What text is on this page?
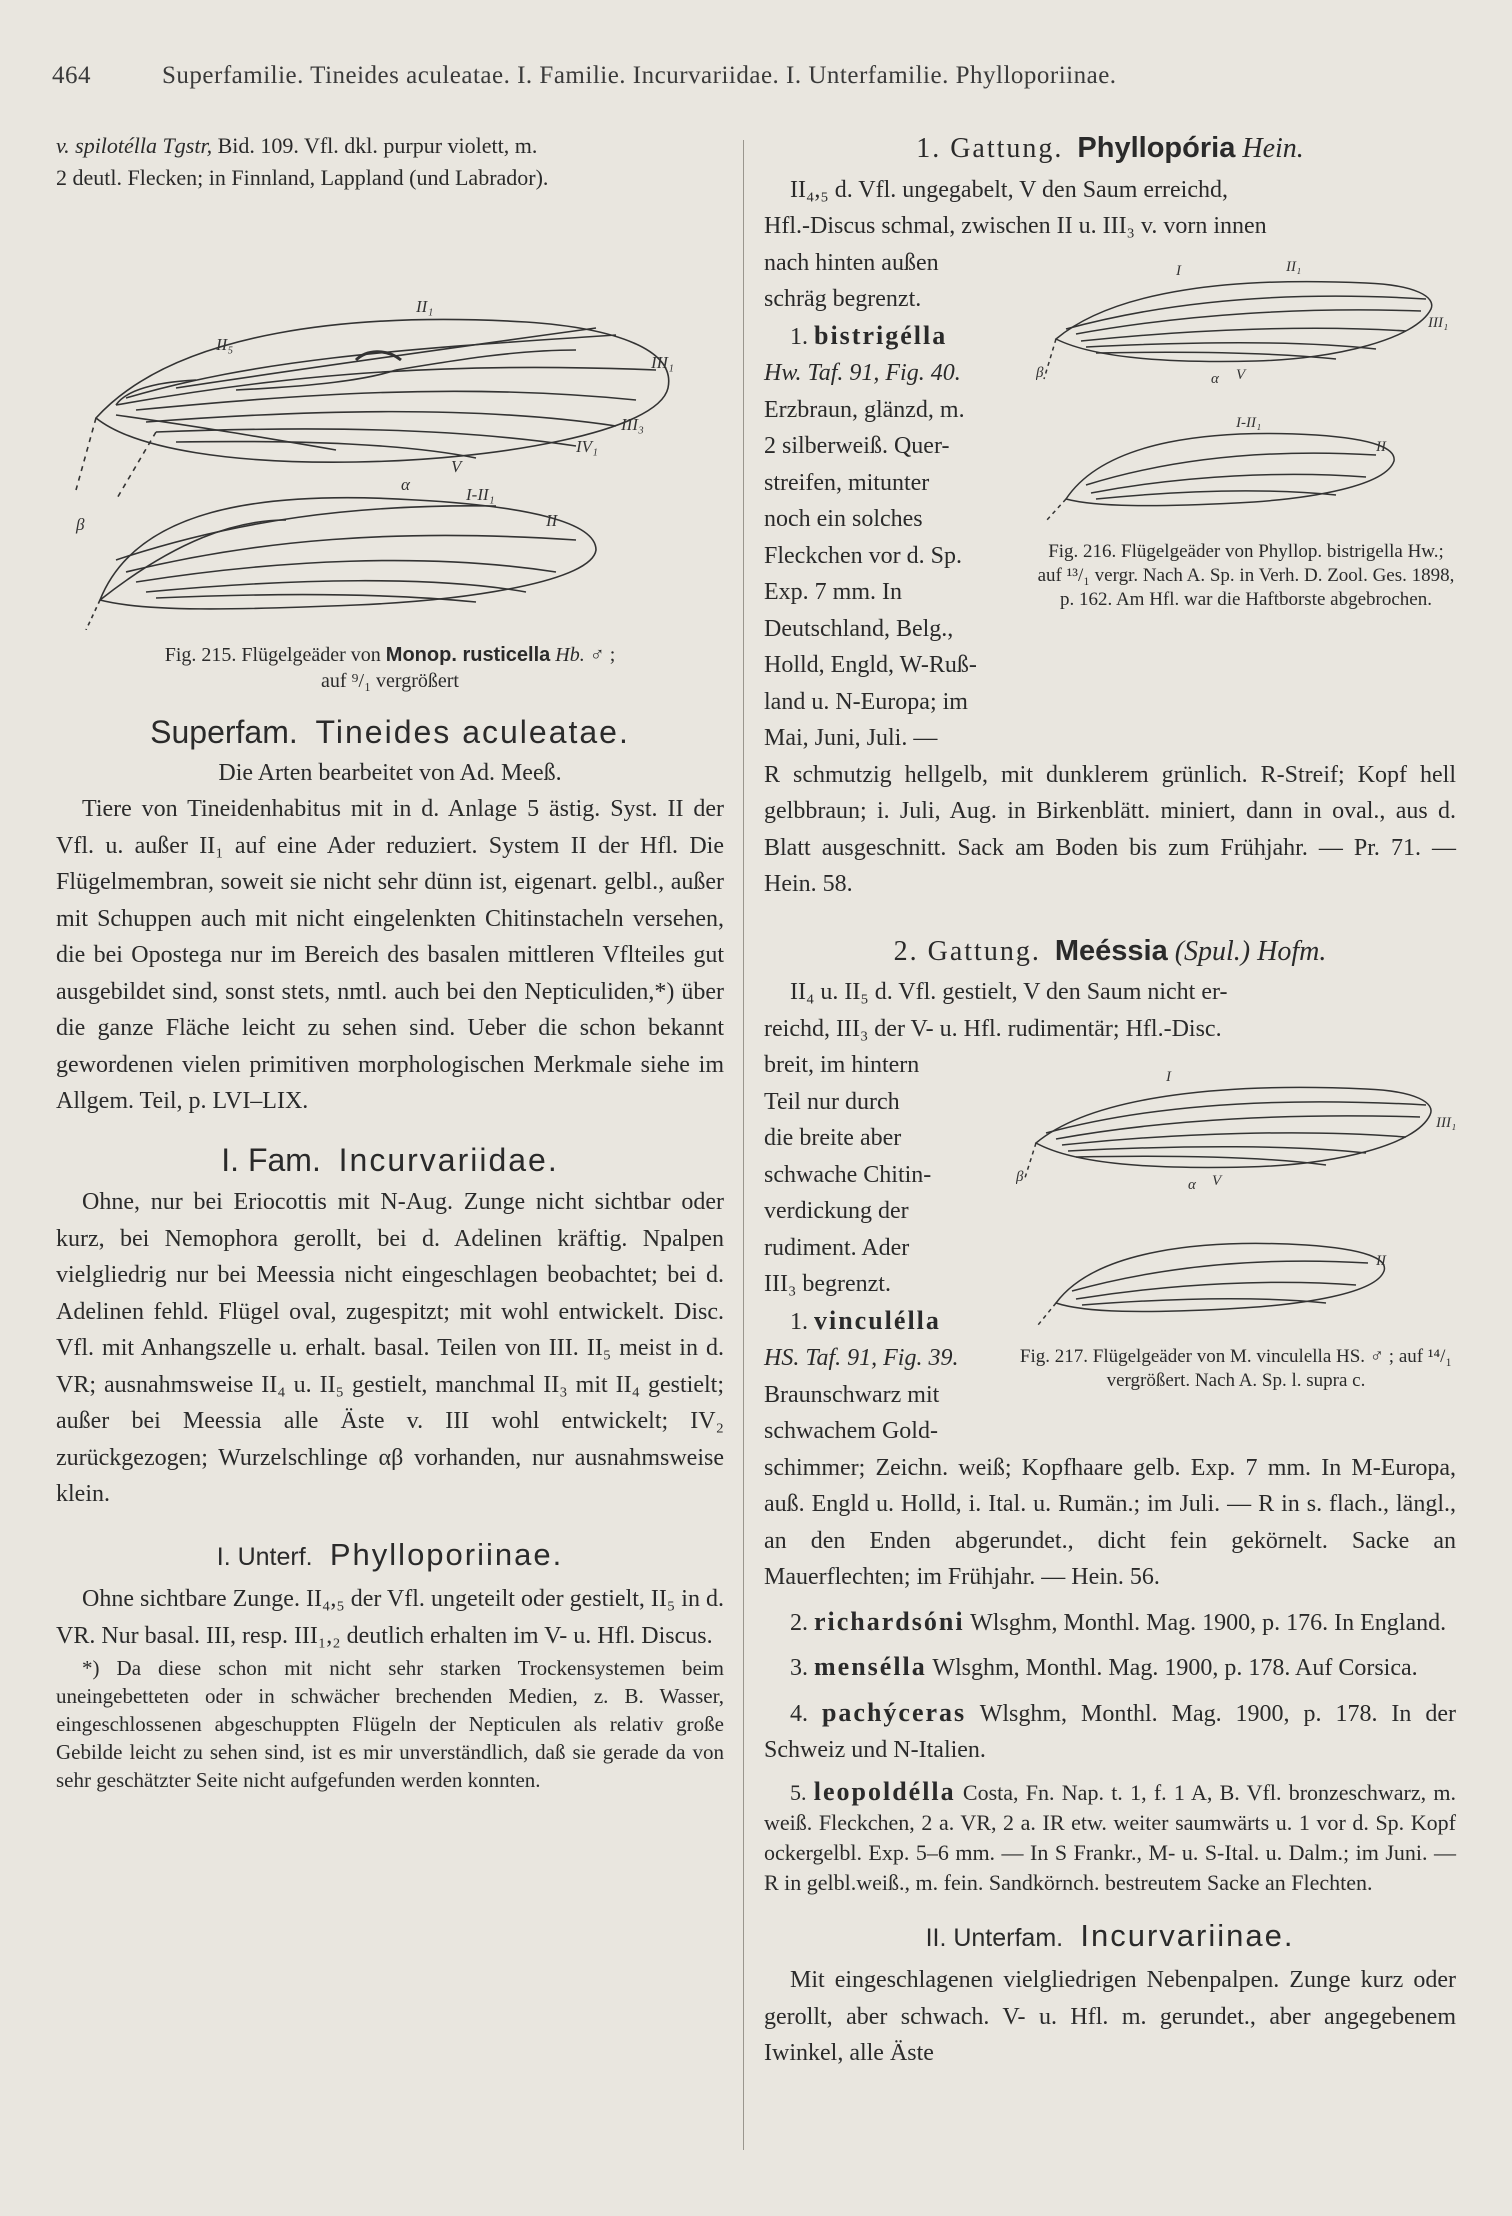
464	Superfamilie. Tineides aculeatae. I. Familie. Incurvariidae. I. Unterfamilie. Phylloporiinae.

v. spilotélla Tgstr, Bid. 109. Vfl. dkl. purpur violett, m.
2 deutl. Flecken; in Finnland, Lappland (und Labrador).

II₁
II₅
III₁
III₃
IV₁
V
α
β
I-II₁
II
Fig. 215. Flügelgeäder von Monop. rusticella Hb. ♂ ;
auf ⁹/₁ vergrößert
Superfam. Tineides aculeatae.

Die Arten bearbeitet von Ad. Meeß.

Tiere von Tineidenhabitus mit in d. Anlage 5 ästig. Syst. II der Vfl. u. außer II₁ auf eine Ader reduziert. System II der Hfl. Die Flügelmembran, soweit sie nicht sehr dünn ist, eigenart. gelbl., außer mit Schuppen auch mit nicht eingelenkten Chitinstacheln versehen, die bei Opostega nur im Bereich des basalen mittleren Vflteiles gut ausgebildet sind, sonst stets, nmtl. auch bei den Nepticuliden,*) über die ganze Fläche leicht zu sehen sind. Ueber die schon bekannt gewordenen vielen primitiven morphologischen Merkmale siehe im Allgem. Teil, p. LVI–LIX.

I. Fam. Incurvariidae.

Ohne, nur bei Eriocottis mit N-Aug. Zunge nicht sichtbar oder kurz, bei Nemophora gerollt, bei d. Adelinen kräftig. Npalpen vielgliedrig nur bei Meessia nicht eingeschlagen beobachtet; bei d. Adelinen fehld. Flügel oval, zugespitzt; mit wohl entwickelt. Disc. Vfl. mit Anhangszelle u. erhalt. basal. Teilen von III. II₅ meist in d. VR; ausnahmsweise II₄ u. II₅ gestielt, manchmal II₃ mit II₄ gestielt; außer bei Meessia alle Äste v. III wohl entwickelt; IV₂ zurückgezogen; Wurzelschlinge αβ vorhanden, nur ausnahmsweise klein.

I. Unterf. Phylloporiinae.

Ohne sichtbare Zunge. II₄,₅ der Vfl. ungeteilt oder gestielt, II₅ in d. VR. Nur basal. III, resp. III₁,₂ deutlich erhalten im V- u. Hfl. Discus.

*) Da diese schon mit nicht sehr starken Trockensystemen beim uneingebetteten oder in schwächer brechenden Medien, z. B. Wasser, eingeschlossenen abgeschuppten Flügeln der Nepticulen als relativ große Gebilde leicht zu sehen sind, ist es mir unverständlich, daß sie gerade da von sehr geschätzter Seite nicht aufgefunden werden konnten.

1. Gattung. Phyllopória Hein.

II₄,₅ d. Vfl. ungegabelt, V den Saum erreichd,

Hfl.-Discus schmal, zwischen II u. III₃ v. vorn innen

I	II₁
III₁
V
α
β
I-II₁
II
Fig. 216. Flügelgeäder von Phyllop. bistrigella Hw.; auf ¹³/₁ vergr. Nach A. Sp. in Verh. D. Zool. Ges. 1898, p. 162. Am Hfl. war die Haftborste abgebrochen.

nach hinten außen

schräg begrenzt.

1. bistrigélla

Hw. Taf. 91, Fig. 40.
Erzbraun, glänzd, m.
2 silberweiß. Quer-
streifen, mitunter
noch ein solches
Fleckchen vor d. Sp.
Exp. 7 mm. In
Deutschland, Belg.,
Holld, Engld, W-Ruß-
land u. N-Europa; im
Mai, Juni, Juli. —

R schmutzig hellgelb, mit dunklerem grünlich. R-Streif; Kopf hell gelbbraun; i. Juli, Aug. in Birkenblätt. miniert, dann in oval., aus d. Blatt ausgeschnitt. Sack am Boden bis zum Frühjahr. — Pr. 71. — Hein. 58.

2. Gattung. Meéssia (Spul.) Hofm.

II₄ u. II₅ d. Vfl. gestielt, V den Saum nicht er-

reichd, III₃ der V- u. Hfl. rudimentär; Hfl.-Disc.

I
III₁
V
α
β
II
Fig. 217. Flügelgeäder von M. vinculella HS. ♂ ; auf ¹⁴/₁ vergrößert. Nach A. Sp. l. supra c.
breit, im hintern
Teil nur durch
die breite aber
schwache Chitin-
verdickung der
rudiment. Ader
III₃ begrenzt.

1. vinculélla

HS. Taf. 91, Fig. 39.
Braunschwarz mit
schwachem Gold-

schimmer; Zeichn. weiß; Kopfhaare gelb. Exp. 7 mm. In M-Europa, auß. Engld u. Holld, i. Ital. u. Rumän.; im Juli. — R in s. flach., längl., an den Enden abgerundet., dicht fein gekörnelt. Sacke an Mauerflechten; im Frühjahr. — Hein. 56.

2. richardsóni Wlsghm, Monthl. Mag. 1900, p. 176. In England.

3. mensélla Wlsghm, Monthl. Mag. 1900, p. 178. Auf Corsica.

4. pachýceras Wlsghm, Monthl. Mag. 1900, p. 178. In der Schweiz und N-Italien.

5. leopoldélla Costa, Fn. Nap. t. 1, f. 1 A, B. Vfl. bronzeschwarz, m. weiß. Fleckchen, 2 a. VR, 2 a. IR etw. weiter saumwärts u. 1 vor d. Sp. Kopf ockergelbl. Exp. 5–6 mm. — In S Frankr., M- u. S-Ital. u. Dalm.; im Juni. — R in gelbl.weiß., m. fein. Sandkörnch. bestreutem Sacke an Flechten.

II. Unterfam. Incurvariinae.

Mit eingeschlagenen vielgliedrigen Nebenpalpen. Zunge kurz oder gerollt, aber schwach. V- u. Hfl. m. gerundet., aber angegebenem Iwinkel, alle Äste
